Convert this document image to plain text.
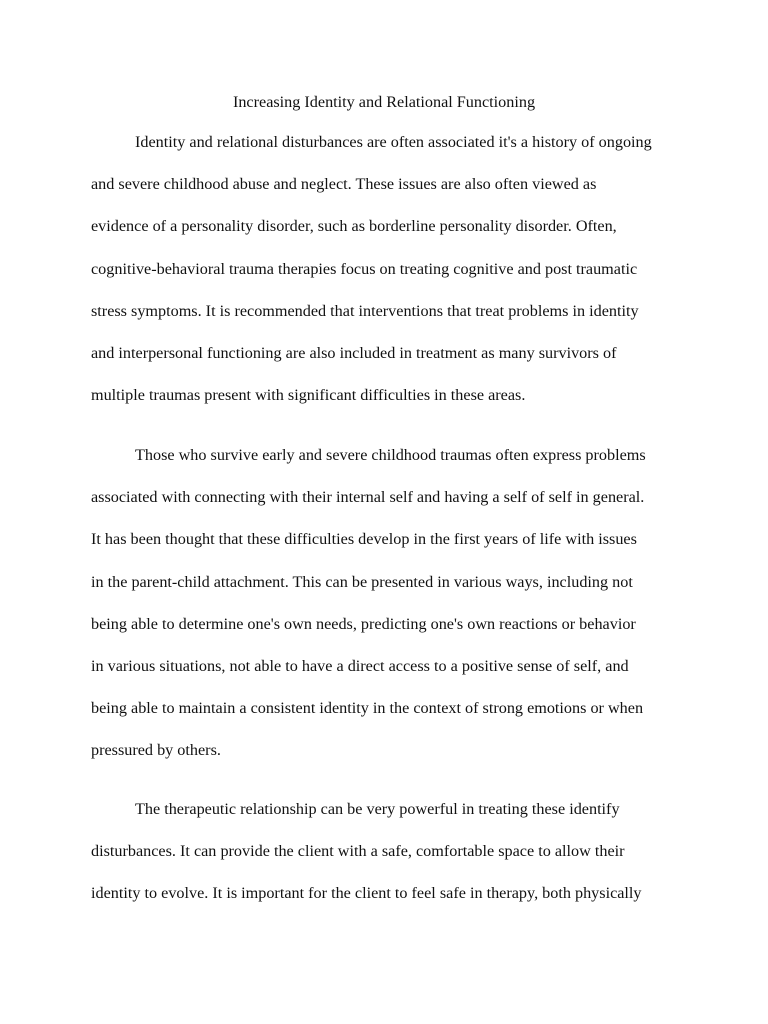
Increasing Identity and Relational Functioning
Identity and relational disturbances are often associated it's a history of ongoing
and severe childhood abuse and neglect. These issues are also often viewed as
evidence of a personality disorder, such as borderline personality disorder. Often,
cognitive-behavioral trauma therapies focus on treating cognitive and post traumatic
stress symptoms. It is recommended that interventions that treat problems in identity
and interpersonal functioning are also included in treatment as many survivors of
multiple traumas present with significant difficulties in these areas.
Those who survive early and severe childhood traumas often express problems
associated with connecting with their internal self and having a self of self in general.
It has been thought that these difficulties develop in the first years of life with issues
in the parent-child attachment. This can be presented in various ways, including not
being able to determine one's own needs, predicting one's own reactions or behavior
in various situations, not able to have a direct access to a positive sense of self, and
being able to maintain a consistent identity in the context of strong emotions or when
pressured by others.
The therapeutic relationship can be very powerful in treating these identify
disturbances. It can provide the client with a safe, comfortable space to allow their
identity to evolve. It is important for the client to feel safe in therapy, both physically
